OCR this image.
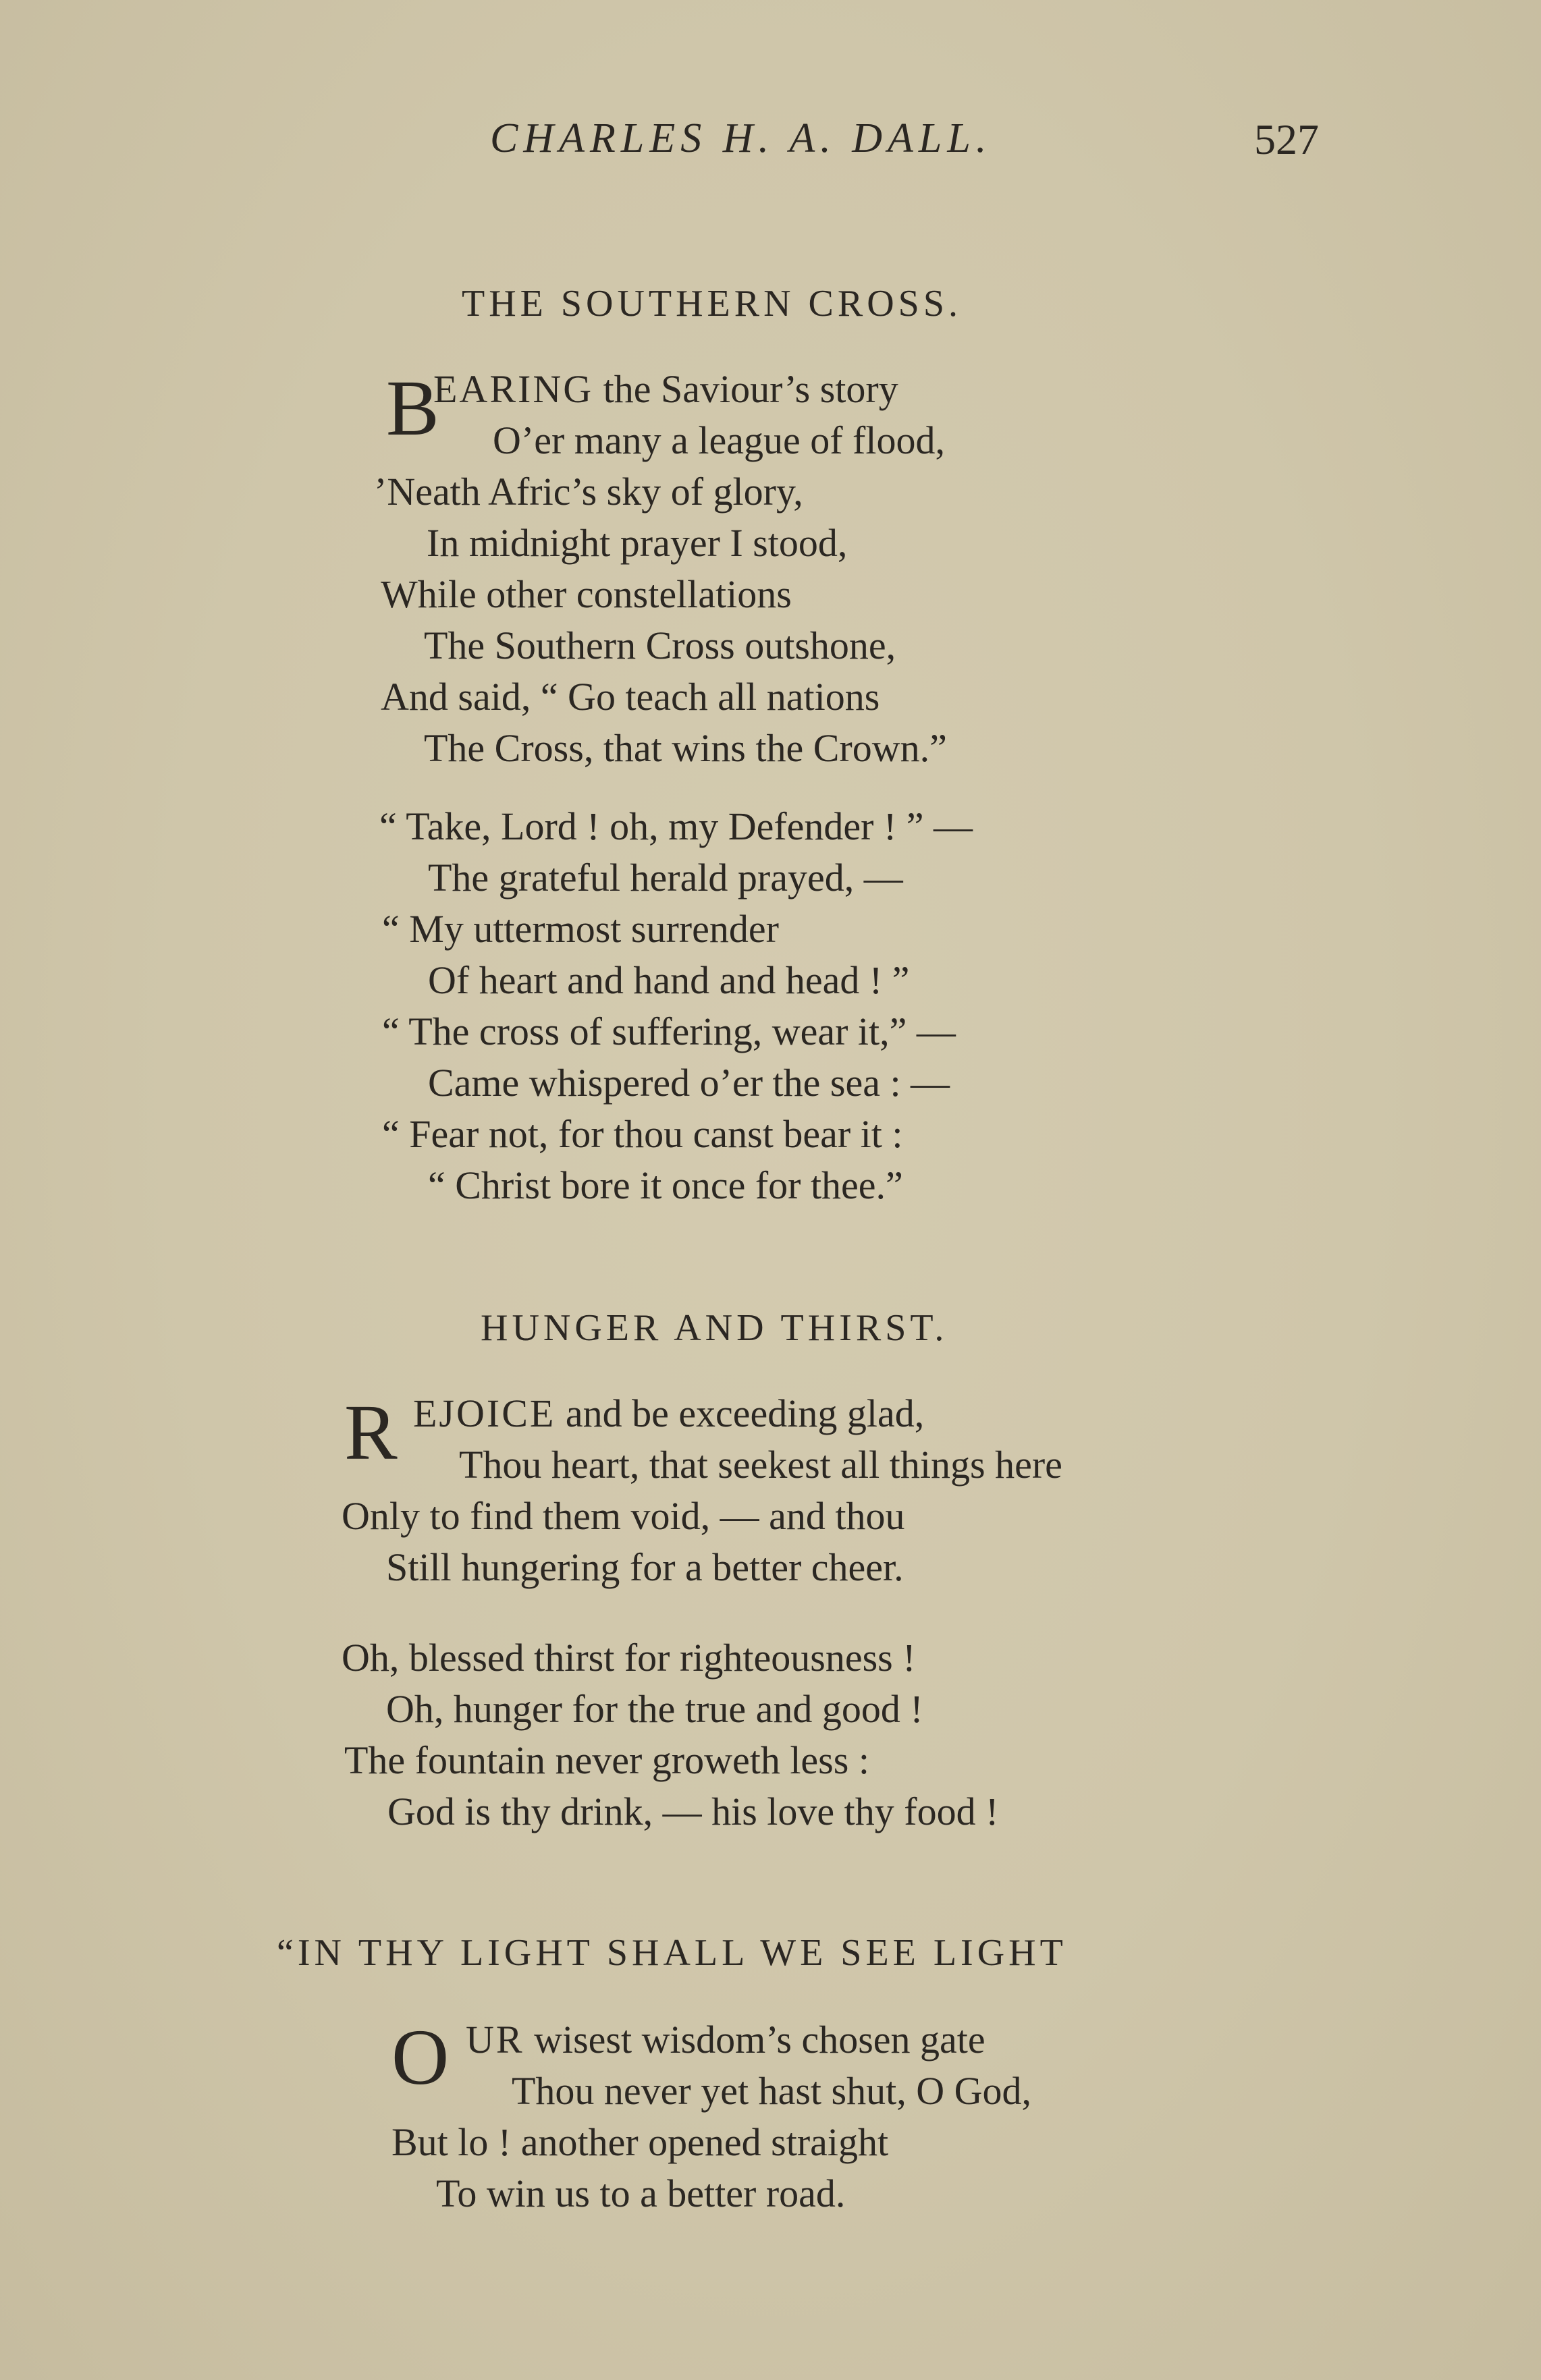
CHARLES H. A. DALL.	527
THE SOUTHERN CROSS.
B
EARING the Saviour’s story
O’er many a league of flood,
’Neath Afric’s sky of glory,
In midnight prayer I stood,
While other constellations
The Southern Cross outshone,
And said, “ Go teach all nations
The Cross, that wins the Crown.”
“ Take, Lord ! oh, my Defender ! ” —
The grateful herald prayed, —
“ My uttermost surrender
Of heart and hand and head ! ”
“ The cross of suffering, wear it,” —
Came whispered o’er the sea : —
“ Fear not, for thou canst bear it :
“ Christ bore it once for thee.”
HUNGER AND THIRST.
R EJOICE and be exceeding glad,
Thou heart, that seekest all things here
Only to find them void, — and thou
Still hungering for a better cheer.
Oh, blessed thirst for righteousness !
Oh, hunger for the true and good !
The fountain never groweth less :
God is thy drink, — his love thy food !
“IN THY LIGHT SHALL WE SEE LIGHT
O UR wisest wisdom’s chosen gate
Thou never yet hast shut, O God,
But lo ! another opened straight
To win us to a better road.
